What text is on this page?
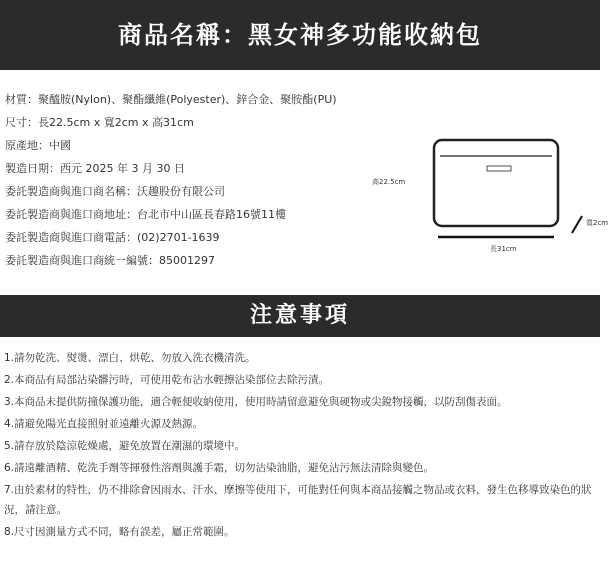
商品名稱：黑女神多功能收納包
材質：聚醯胺(Nylon)、聚酯纖維(Polyester)、鋅合金、聚胺酯(PU)
尺寸：長22.5cm x 寬2cm x 高31cm
原產地：中國
製造日期：西元 2025 年 3 月 30 日
委託製造商與進口商名稱：沃趣股份有限公司
委託製造商與進口商地址：台北市中山區長春路16號11樓
委託製造商與進口商電話：(02)2701-1639
委託製造商與進口商統一編號：85001297
高22.5cm
長31cm
寬2cm
注意事項
1.請勿乾洗、熨燙、漂白、烘乾、勿放入洗衣機清洗。
2.本商品有局部沾染髒污時，可使用乾布沾水輕擦沾染部位去除污漬。
3.本商品未提供防撞保護功能，適合輕便收納使用，使用時請留意避免與硬物或尖銳物接觸，以防刮傷表面。
4.請避免陽光直接照射並遠離火源及熱源。
5.請存放於陰涼乾燥處，避免放置在潮濕的環境中。
6.請遠離酒精、乾洗手劑等揮發性溶劑與護手霜，切勿沾染油脂，避免沾污無法清除與變色。
7.由於素材的特性，仍不排除會因雨水、汗水、摩擦等使用下，可能對任何與本商品接觸之物品或衣料，發生色移導致染色的狀況，請注意。
8.尺寸因測量方式不同，略有誤差，屬正常範圍。
